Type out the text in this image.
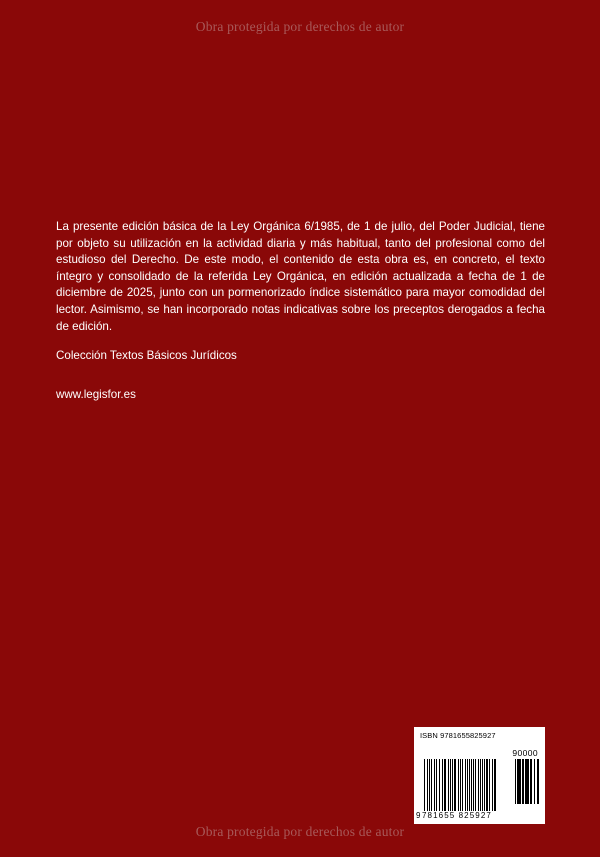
Obra protegida por derechos de autor
La presente edición básica de la Ley Orgánica 6/1985, de 1 de julio, del Poder Judicial, tiene por objeto su utilización en la actividad diaria y más habitual, tanto del profesional como del estudioso del Derecho. De este modo, el contenido de esta obra es, en concreto, el texto íntegro y consolidado de la referida Ley Orgánica, en edición actualizada a fecha de 1 de diciembre de 2025, junto con un pormenorizado índice sistemático para mayor comodidad del lector. Asimismo, se han incorporado notas indicativas sobre los preceptos derogados a fecha de edición.
Colección Textos Básicos Jurídicos
www.legisfor.es
ISBN 9781655825927
90000
9 781655 825927
Obra protegida por derechos de autor
